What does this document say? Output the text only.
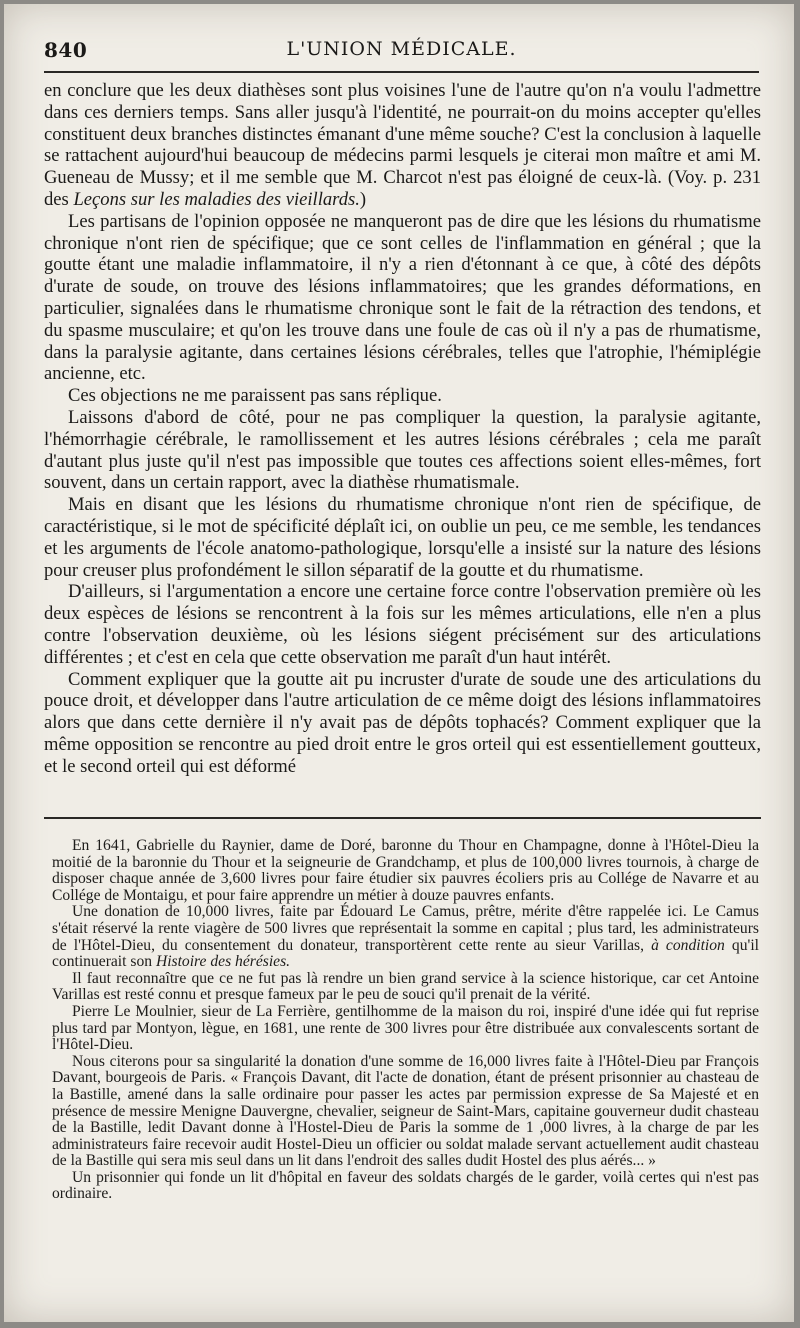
840	L'UNION MÉDICALE.

en conclure que les deux diathèses sont plus voisines l'une de l'autre qu'on n'a voulu l'admettre dans ces derniers temps. Sans aller jusqu'à l'identité, ne pourrait-on du moins accepter qu'elles constituent deux branches distinctes émanant d'une même souche? C'est la conclusion à laquelle se rattachent aujourd'hui beaucoup de médecins parmi lesquels je citerai mon maître et ami M. Gueneau de Mussy; et il me semble que M. Charcot n'est pas éloigné de ceux-là. (Voy. p. 231 des Leçons sur les maladies des vieillards.)

Les partisans de l'opinion opposée ne manqueront pas de dire que les lésions du rhumatisme chronique n'ont rien de spécifique; que ce sont celles de l'inflammation en général ; que la goutte étant une maladie inflammatoire, il n'y a rien d'étonnant à ce que, à côté des dépôts d'urate de soude, on trouve des lésions inflammatoires; que les grandes déformations, en particulier, signalées dans le rhumatisme chronique sont le fait de la rétraction des tendons, et du spasme musculaire; et qu'on les trouve dans une foule de cas où il n'y a pas de rhumatisme, dans la paralysie agitante, dans certaines lésions cérébrales, telles que l'atrophie, l'hémiplégie ancienne, etc.

Ces objections ne me paraissent pas sans réplique.

Laissons d'abord de côté, pour ne pas compliquer la question, la paralysie agitante, l'hémorrhagie cérébrale, le ramollissement et les autres lésions cérébrales ; cela me paraît d'autant plus juste qu'il n'est pas impossible que toutes ces affections soient elles-mêmes, fort souvent, dans un certain rapport, avec la diathèse rhumatismale.

Mais en disant que les lésions du rhumatisme chronique n'ont rien de spécifique, de caractéristique, si le mot de spécificité déplaît ici, on oublie un peu, ce me semble, les tendances et les arguments de l'école anatomo-pathologique, lorsqu'elle a insisté sur la nature des lésions pour creuser plus profondément le sillon séparatif de la goutte et du rhumatisme.

D'ailleurs, si l'argumentation a encore une certaine force contre l'observation première où les deux espèces de lésions se rencontrent à la fois sur les mêmes articulations, elle n'en a plus contre l'observation deuxième, où les lésions siégent précisément sur des articulations différentes ; et c'est en cela que cette observation me paraît d'un haut intérêt.

Comment expliquer que la goutte ait pu incruster d'urate de soude une des articulations du pouce droit, et développer dans l'autre articulation de ce même doigt des lésions inflammatoires alors que dans cette dernière il n'y avait pas de dépôts tophacés? Comment expliquer que la même opposition se rencontre au pied droit entre le gros orteil qui est essentiellement goutteux, et le second orteil qui est déformé

En 1641, Gabrielle du Raynier, dame de Doré, baronne du Thour en Champagne, donne à l'Hôtel-Dieu la moitié de la baronnie du Thour et la seigneurie de Grandchamp, et plus de 100,000 livres tournois, à charge de disposer chaque année de 3,600 livres pour faire étudier six pauvres écoliers pris au Collége de Navarre et au Collége de Montaigu, et pour faire apprendre un métier à douze pauvres enfants.

Une donation de 10,000 livres, faite par Édouard Le Camus, prêtre, mérite d'être rappelée ici. Le Camus s'était réservé la rente viagère de 500 livres que représentait la somme en capital ; plus tard, les administrateurs de l'Hôtel-Dieu, du consentement du donateur, transportèrent cette rente au sieur Varillas, à condition qu'il continuerait son Histoire des hérésies.

Il faut reconnaître que ce ne fut pas là rendre un bien grand service à la science historique, car cet Antoine Varillas est resté connu et presque fameux par le peu de souci qu'il prenait de la vérité.

Pierre Le Moulnier, sieur de La Ferrière, gentilhomme de la maison du roi, inspiré d'une idée qui fut reprise plus tard par Montyon, lègue, en 1681, une rente de 300 livres pour être distribuée aux convalescents sortant de l'Hôtel-Dieu.

Nous citerons pour sa singularité la donation d'une somme de 16,000 livres faite à l'Hôtel-Dieu par François Davant, bourgeois de Paris. « François Davant, dit l'acte de donation, étant de présent prisonnier au chasteau de la Bastille, amené dans la salle ordinaire pour passer les actes par permission expresse de Sa Majesté et en présence de messire Menigne Dauvergne, chevalier, seigneur de Saint-Mars, capitaine gouverneur dudit chasteau de la Bastille, ledit Davant donne à l'Hostel-Dieu de Paris la somme de 1 ,000 livres, à la charge de par les administrateurs faire recevoir audit Hostel-Dieu un officier ou soldat malade servant actuellement audit chasteau de la Bastille qui sera mis seul dans un lit dans l'endroit des salles dudit Hostel des plus aérés... »

Un prisonnier qui fonde un lit d'hôpital en faveur des soldats chargés de le garder, voilà certes qui n'est pas ordinaire.
